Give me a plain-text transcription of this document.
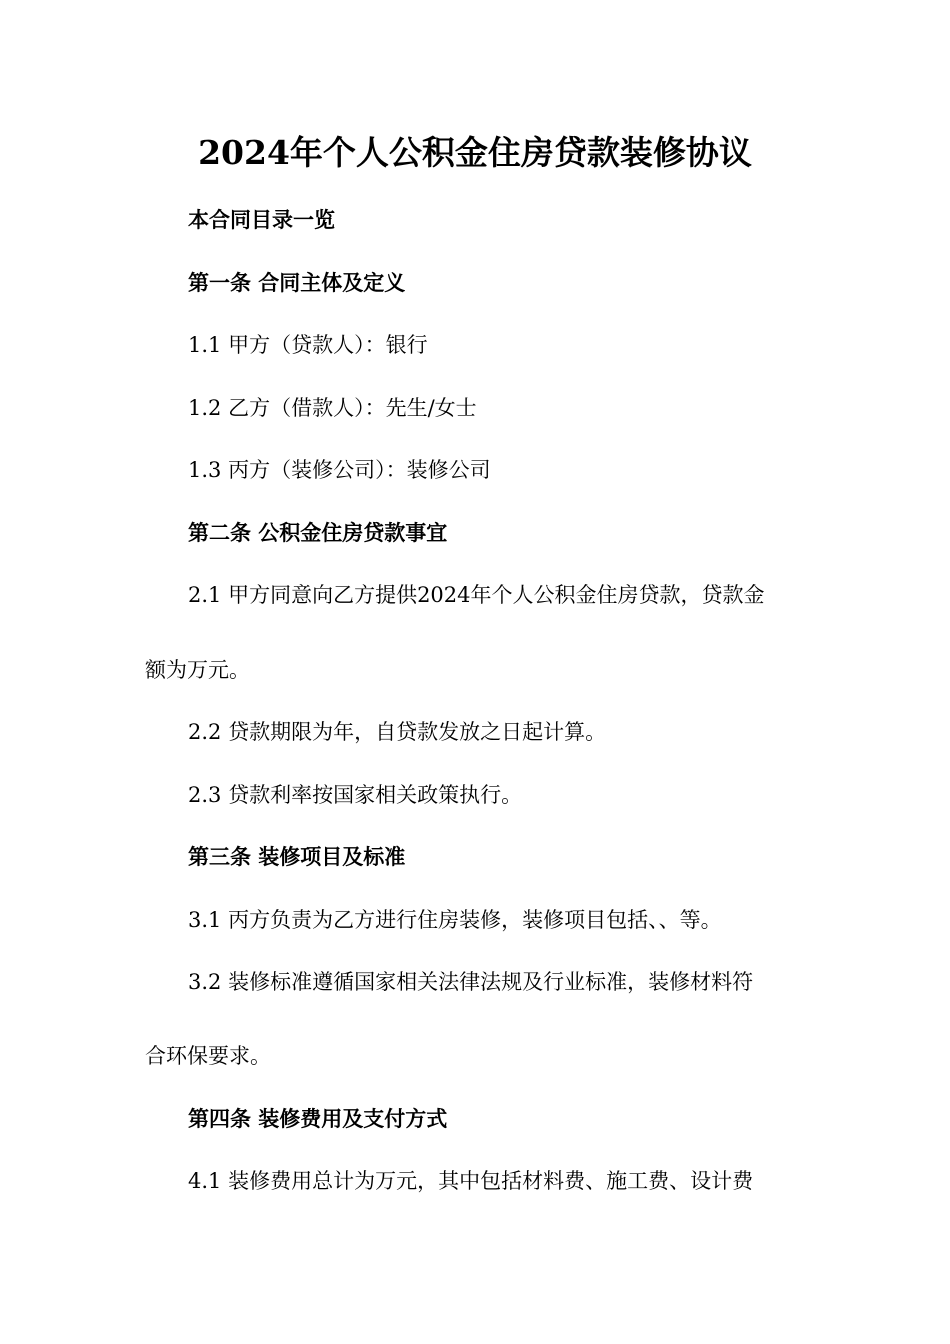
2024年个人公积金住房贷款装修协议
本合同目录一览
第一条 合同主体及定义
1.1 甲方（贷款人）：银行
1.2 乙方（借款人）：先生/女士
1.3 丙方（装修公司）：装修公司
第二条 公积金住房贷款事宜
2.1 甲方同意向乙方提供2024年个人公积金住房贷款，贷款金
额为万元。
2.2 贷款期限为年，自贷款发放之日起计算。
2.3 贷款利率按国家相关政策执行。
第三条 装修项目及标准
3.1 丙方负责为乙方进行住房装修，装修项目包括、、等。
3.2 装修标准遵循国家相关法律法规及行业标准，装修材料符
合环保要求。
第四条 装修费用及支付方式
4.1 装修费用总计为万元，其中包括材料费、施工费、设计费
